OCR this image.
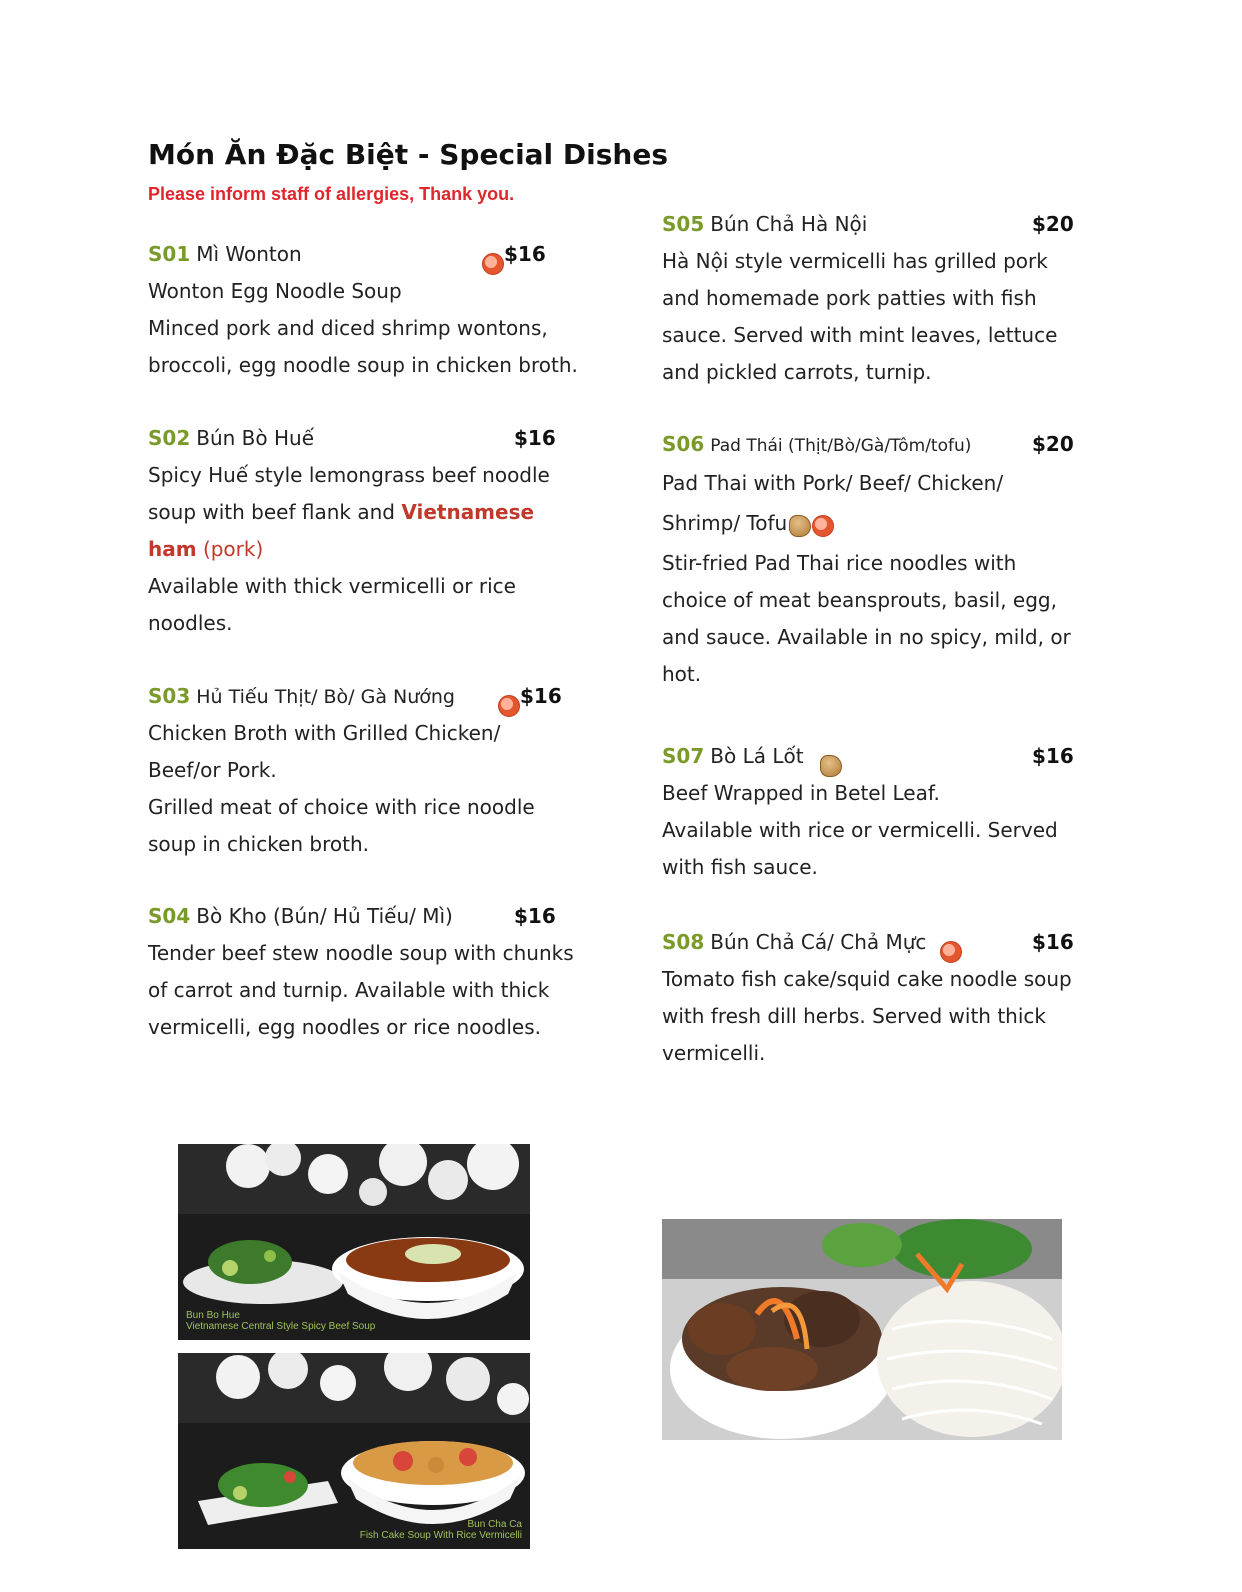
Món Ăn Đặc Biệt - Special Dishes
Please inform staff of allergies, Thank you.
S01 Mì Wonton	$16
Wonton Egg Noodle Soup
Minced pork and diced shrimp wontons, broccoli, egg noodle soup in chicken broth.
S02 Bún Bò Huế	$16
Spicy Huế style lemongrass beef noodle soup with beef flank and Vietnamese ham (pork)
Available with thick vermicelli or rice noodles.
S03 Hủ Tiếu Thịt/ Bò/ Gà Nướng	$16
Chicken Broth with Grilled Chicken/ Beef/or Pork.
Grilled meat of choice with rice noodle soup in chicken broth.
S04 Bò Kho (Bún/ Hủ Tiếu/ Mì)	$16
Tender beef stew noodle soup with chunks of carrot and turnip. Available with thick vermicelli, egg noodles or rice noodles.
S05 Bún Chả Hà Nội	$20
Hà Nội style vermicelli has grilled pork and homemade pork patties with fish sauce. Served with mint leaves, lettuce and pickled carrots, turnip.
S06 Pad Thái (Thịt/Bò/Gà/Tôm/tofu)	$20
Pad Thai with Pork/ Beef/ Chicken/ Shrimp/ Tofu
Stir-fried Pad Thai rice noodles with choice of meat beansprouts, basil, egg, and sauce. Available in no spicy, mild, or hot.
S07 Bò Lá Lốt	$16
Beef Wrapped in Betel Leaf.
Available with rice or vermicelli. Served with fish sauce.
S08 Bún Chả Cá/ Chả Mực	$16
Tomato fish cake/squid cake noodle soup with fresh dill herbs. Served with thick vermicelli.
Bun Bo Hue
Vietnamese Central Style Spicy Beef Soup
Bun Cha Ca
Fish Cake Soup With Rice Vermicelli
